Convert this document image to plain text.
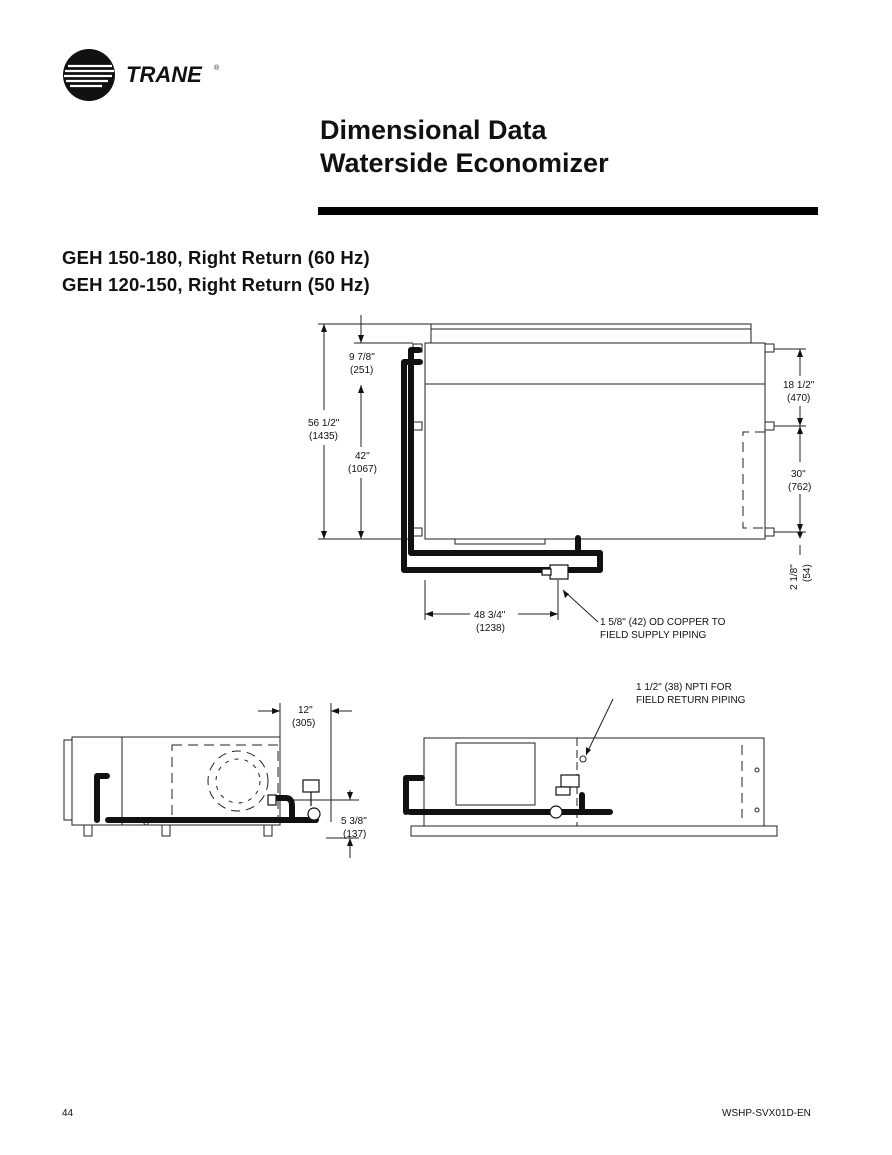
TRANE ®
Dimensional Data
Waterside Economizer
GEH 150-180, Right Return (60 Hz)
GEH 120-150, Right Return (50 Hz)
9 7/8"
(251)
56 1/2"
(1435)
42"
(1067)
18 1/2"
(470)
30"
(762)
2 1/8" (54)
48 3/4"
(1238)
1 5/8" (42) OD COPPER TO
FIELD SUPPLY PIPING
12"
(305)
5 3/8"
(137)
1 1/2" (38) NPTI FOR
FIELD RETURN PIPING
44	WSHP-SVX01D-EN
